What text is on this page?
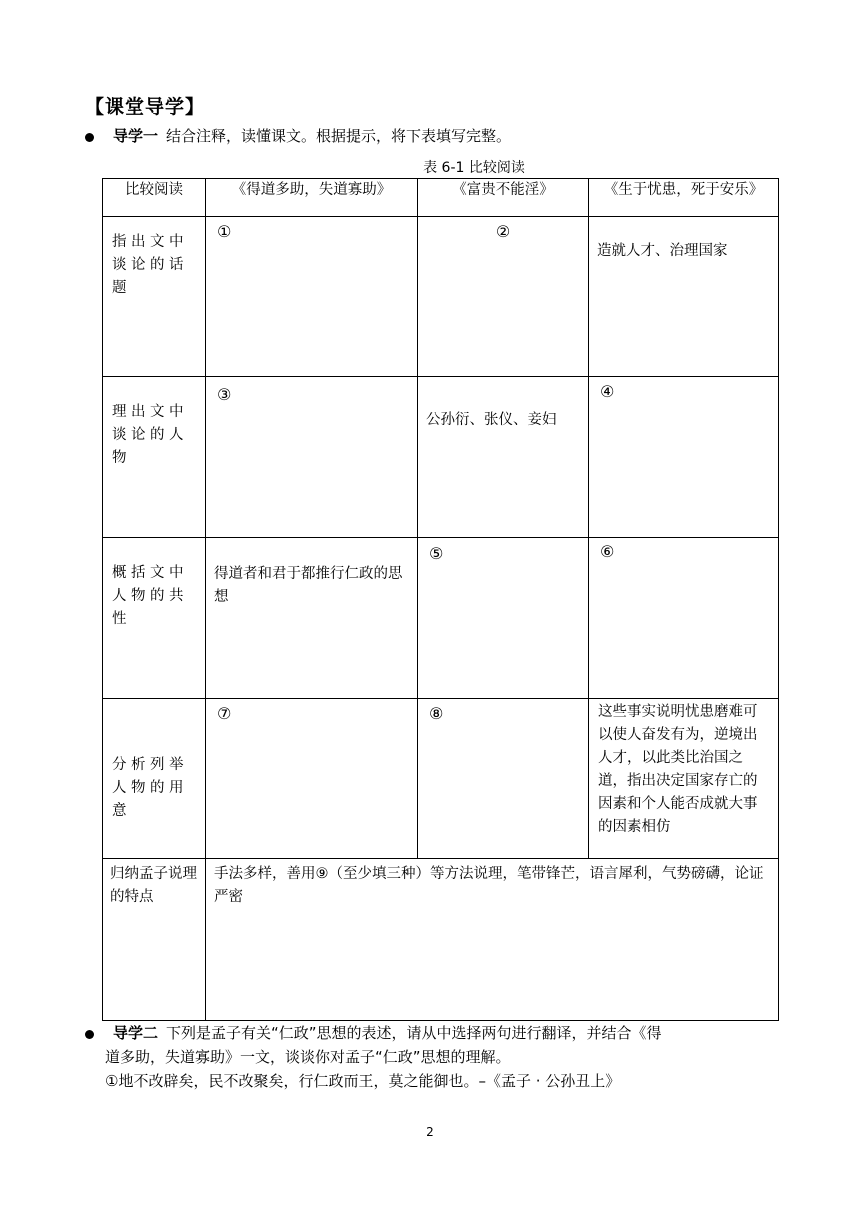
【课堂导学】
导学一 结合注释，读懂课文。根据提示，将下表填写完整。
表 6-1 比较阅读
比较阅读	《得道多助，失道寡助》	《富贵不能淫》	《生于忧患，死于安乐》
指出文中谈论的话题	①	②	造就人才、治理国家
理出文中谈论的人物	③	公孙衍、张仪、妾妇	④
概括文中人物的共性	得道者和君于都推行仁政的思想	⑤	⑥
分析列举人物的用意	⑦	⑧	这些事实说明忧患磨难可以使人奋发有为，逆境出人才，以此类比治国之道，指出决定国家存亡的因素和个人能否成就大事的因素相仿
归纳孟子说理的特点	手法多样，善用⑨（至少填三种）等方法说理，笔带锋芒，语言犀利，气势磅礴，论证严密		
导学二 下列是孟子有关“仁政”思想的表述，请从中选择两句进行翻译，并结合《得
道多助，失道寡助》一文，谈谈你对孟子“仁政”思想的理解。
①地不改辟矣，民不改聚矣，行仁政而王，莫之能御也。–《孟子 · 公孙丑上》
2
